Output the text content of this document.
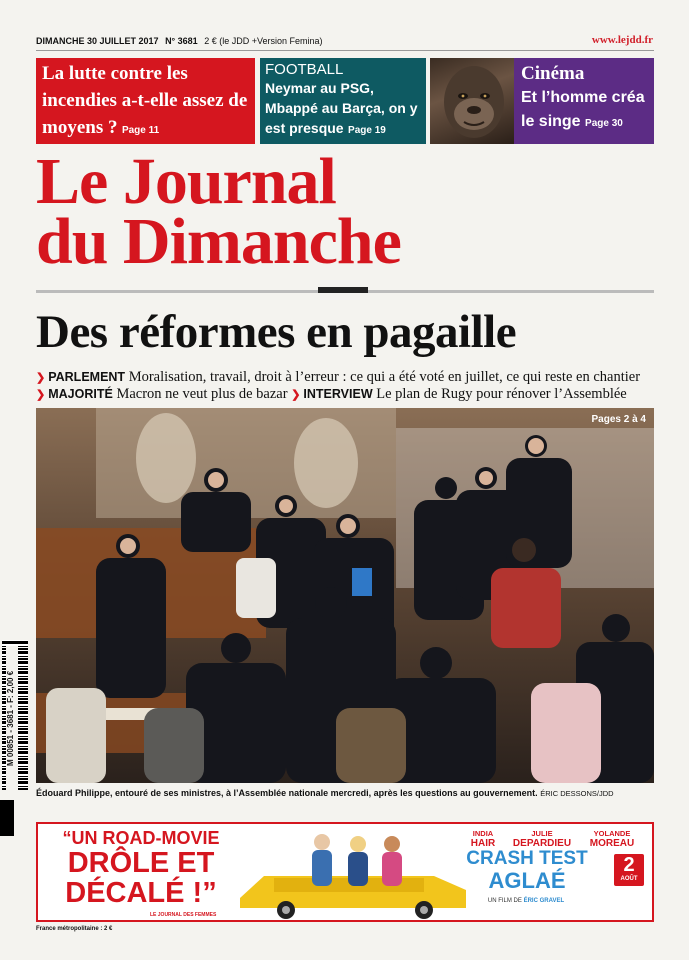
DIMANCHE 30 JUILLET 2017 N° 3681 2 € (le JDD +Version Femina)	www.lejdd.fr
La lutte contre les incendies a-t-elle assez de moyens ? Page 11
FOOTBALL
Neymar au PSG, Mbappé au Barça, on y est presque Page 19
Cinéma
Et l’homme créa le singe Page 30
Le Journal
du Dimanche
Des réformes en pagaille
❯ PARLEMENT Moralisation, travail, droit à l’erreur : ce qui a été voté en juillet, ce qui reste en chantier
❯ MAJORITÉ Macron ne veut plus de bazar ❯ INTERVIEW Le plan de Rugy pour rénover l’Assemblée
Pages 2 à 4
Édouard Philippe, entouré de ses ministres, à l’Assemblée nationale mercredi, après les questions au gouvernement. ÉRIC DESSONS/JDD
M 00851 - 3681 - F: 2,00 €
“UN ROAD-MOVIE
DRÔLE ET DÉCALÉ !”
LE JOURNAL DES FEMMES
INDIA
HAIR
JULIE
DEPARDIEU
YOLANDE
MOREAU
CRASH TEST
AGLAÉ
UN FILM DE ÉRIC GRAVEL
2
AOÛT
France métropolitaine : 2 €
